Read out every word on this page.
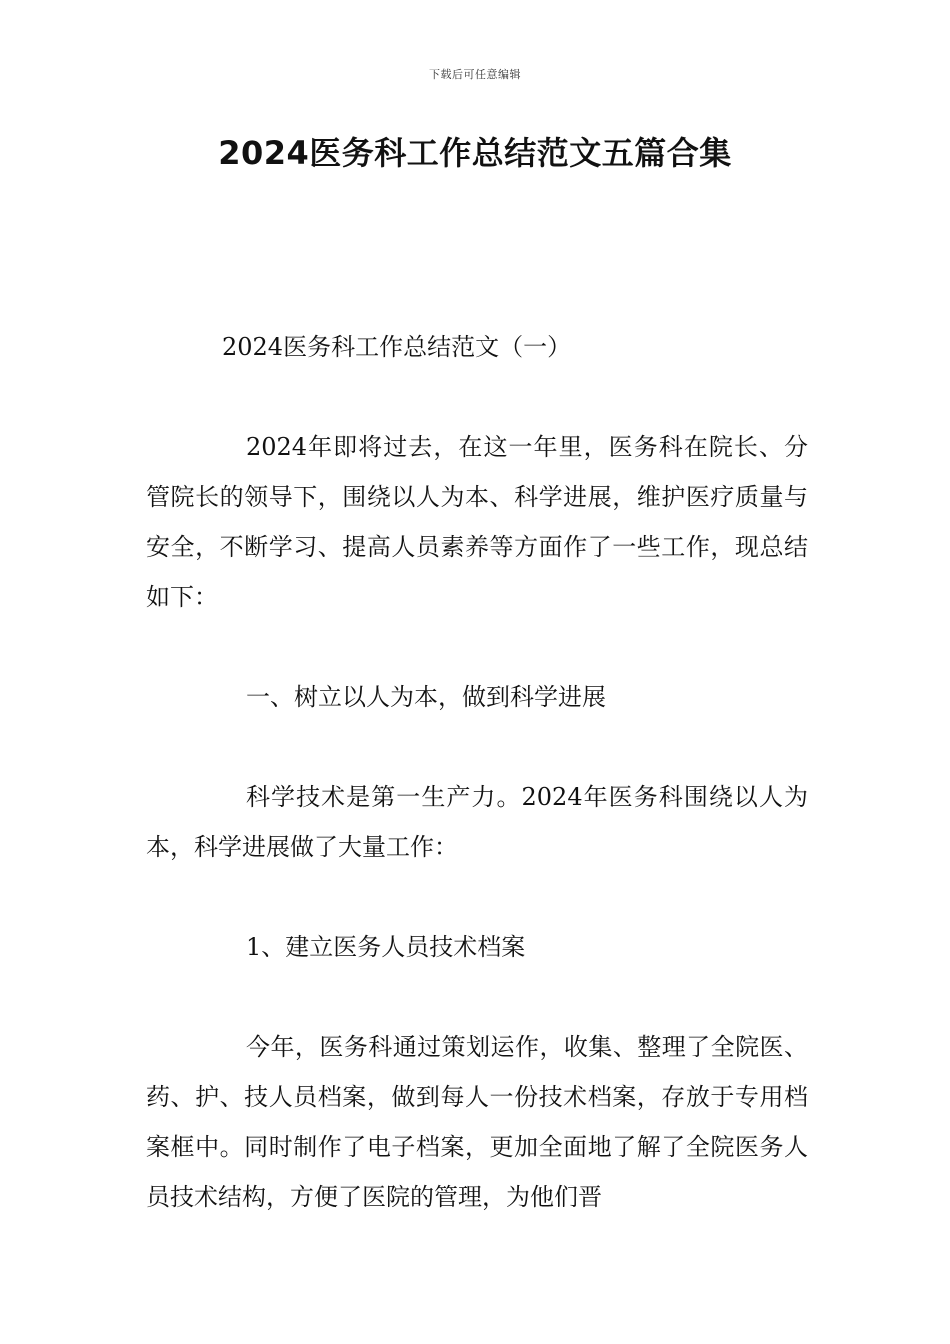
下载后可任意编辑
2024医务科工作总结范文五篇合集

2024医务科工作总结范文（一）

2024年即将过去，在这一年里，医务科在院长、分管院长的领导下，围绕以人为本、科学进展，维护医疗质量与安全，不断学习、提高人员素养等方面作了一些工作，现总结如下：

一、树立以人为本，做到科学进展

科学技术是第一生产力。2024年医务科围绕以人为本，科学进展做了大量工作：

1、建立医务人员技术档案

今年，医务科通过策划运作，收集、整理了全院医、药、护、技人员档案，做到每人一份技术档案，存放于专用档案框中。同时制作了电子档案，更加全面地了解了全院医务人员技术结构，方便了医院的管理，为他们晋
